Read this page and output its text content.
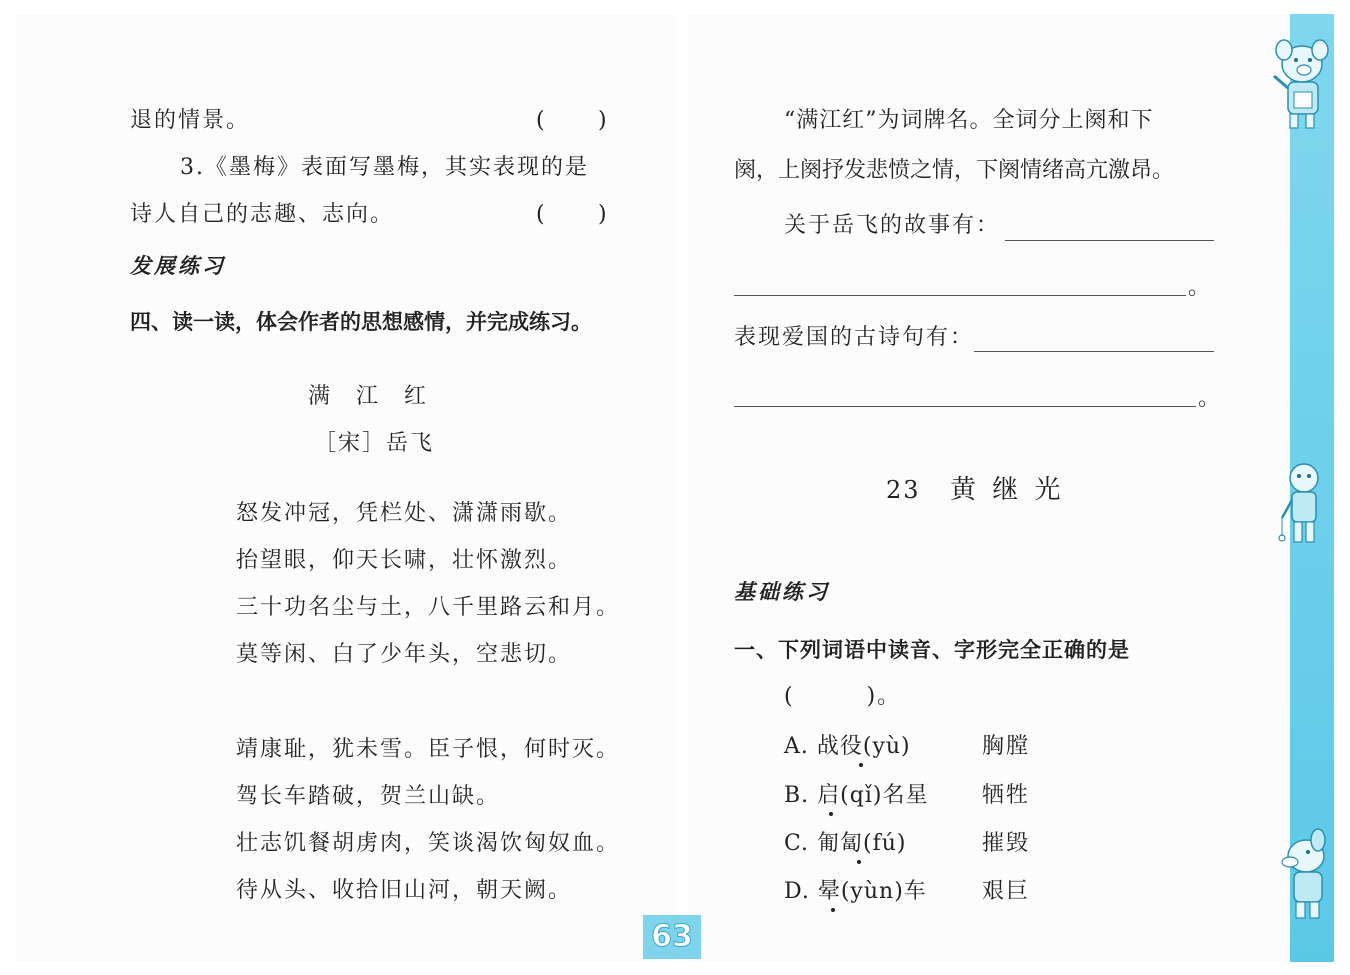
退的情景。	( )
3.《墨梅》表面写墨梅，其实表现的是
诗人自己的志趣、志向。	( )
发展练习
四、读一读，体会作者的思想感情，并完成练习。
满　江　红
［宋］岳飞
怒发冲冠，凭栏处、潇潇雨歇。
抬望眼，仰天长啸，壮怀激烈。
三十功名尘与土，八千里路云和月。
莫等闲、白了少年头，空悲切。
靖康耻，犹未雪。臣子恨，何时灭。
驾长车踏破，贺兰山缺。
壮志饥餐胡虏肉，笑谈渴饮匈奴血。
待从头、收拾旧山河，朝天阙。
“满江红”为词牌名。全词分上阕和下
阕，上阕抒发悲愤之情，下阕情绪高亢激昂。
关于岳飞的故事有：
。
表现爱国的古诗句有：
。
23 黄 继 光
基础练习
一、下列词语中读音、字形完全正确的是
(　　　)。
A. 战役(yù)	胸膛
B. 启(qǐ)名星 牺牲
C. 匍匐(fú)	摧毁
D. 晕(yùn)车	艰巨
63
